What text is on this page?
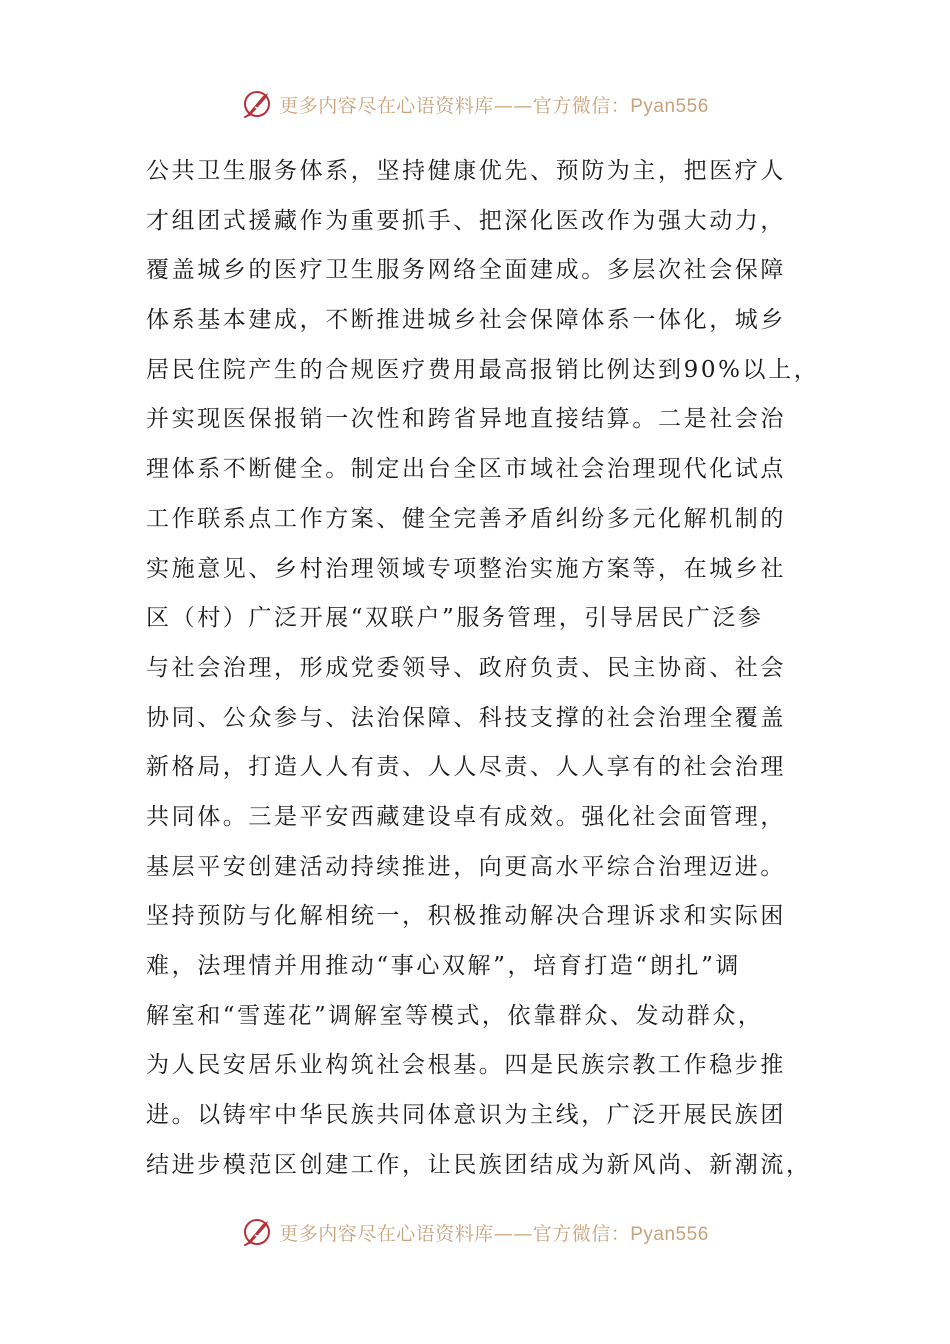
更多内容尽在心语资料库——官方微信：Pyan556
公共卫生服务体系，坚持健康优先、预防为主，把医疗人
才组团式援藏作为重要抓手、把深化医改作为强大动力，
覆盖城乡的医疗卫生服务网络全面建成。多层次社会保障
体系基本建成，不断推进城乡社会保障体系一体化，城乡
居民住院产生的合规医疗费用最高报销比例达到90%以上，
并实现医保报销一次性和跨省异地直接结算。二是社会治
理体系不断健全。制定出台全区市域社会治理现代化试点
工作联系点工作方案、健全完善矛盾纠纷多元化解机制的
实施意见、乡村治理领域专项整治实施方案等，在城乡社
区（村）广泛开展“双联户”服务管理，引导居民广泛参
与社会治理，形成党委领导、政府负责、民主协商、社会
协同、公众参与、法治保障、科技支撑的社会治理全覆盖
新格局，打造人人有责、人人尽责、人人享有的社会治理
共同体。三是平安西藏建设卓有成效。强化社会面管理，
基层平安创建活动持续推进，向更高水平综合治理迈进。
坚持预防与化解相统一，积极推动解决合理诉求和实际困
难，法理情并用推动“事心双解”，培育打造“朗扎”调
解室和“雪莲花”调解室等模式，依靠群众、发动群众，
为人民安居乐业构筑社会根基。四是民族宗教工作稳步推
进。以铸牢中华民族共同体意识为主线，广泛开展民族团
结进步模范区创建工作，让民族团结成为新风尚、新潮流，
更多内容尽在心语资料库——官方微信：Pyan556
